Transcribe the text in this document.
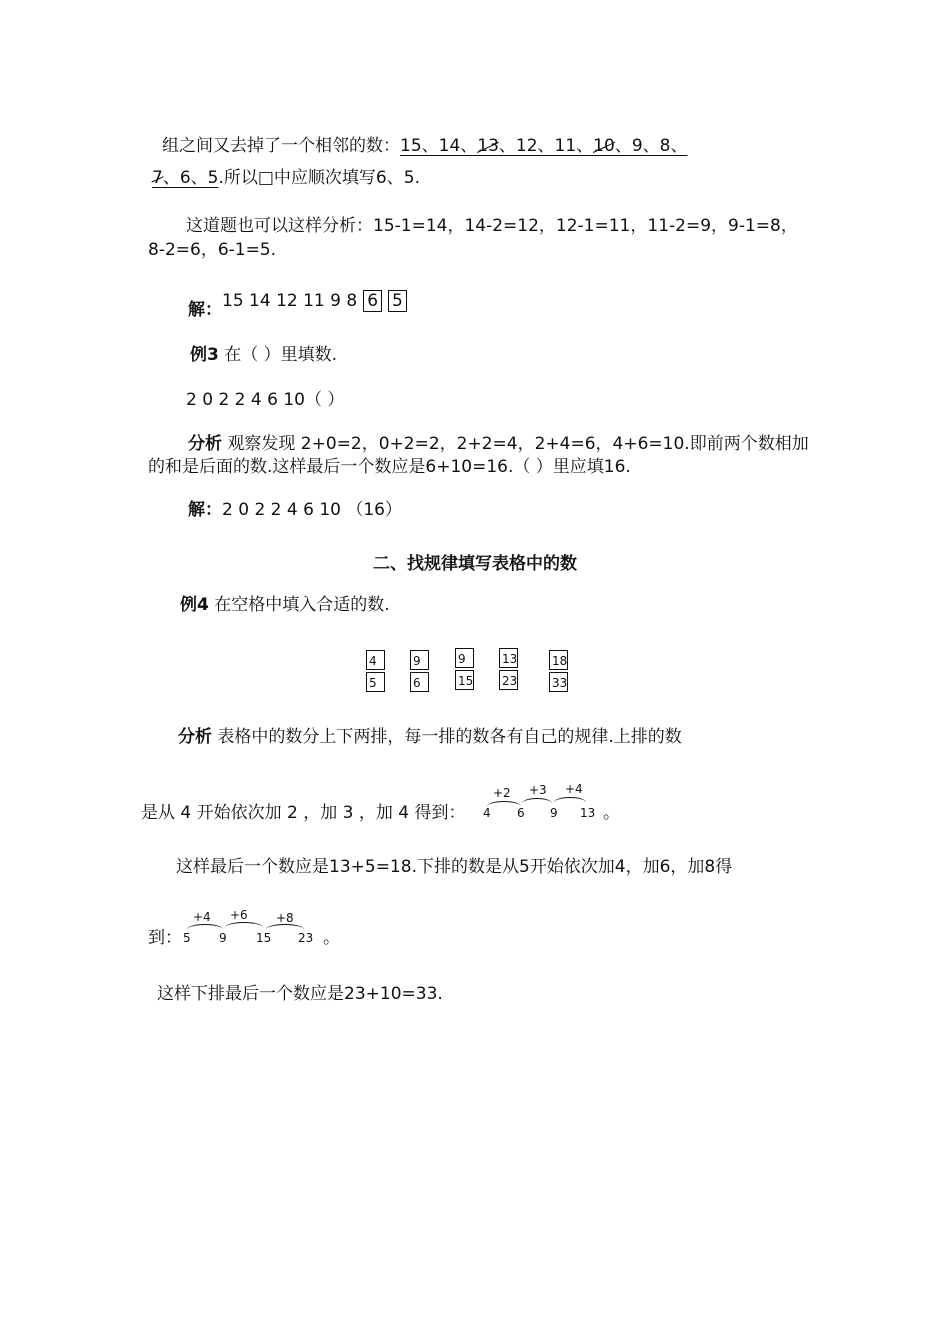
组之间又去掉了一个相邻的数：15、14、13、12、11、10、9、8、
7、6、5.所以□中应顺次填写6、5.
这道题也可以这样分析：15-1=14，14-2=12，12-1=11，11-2=9，9-1=8，
8-2=6，6-1=5.
解：15 14 12 11 9 8 6 5
例3 在（ ）里填数.
2 0 2 2 4 6 10（ ）
分析 观察发现 2+0=2，0+2=2，2+2=4，2+4=6，4+6=10.即前两个数相加
的和是后面的数.这样最后一个数应是6+10=16.（ ）里应填16.
解：2 0 2 2 4 6 10 （16）
二、找规律填写表格中的数
例4 在空格中填入合适的数.
4
5
9
6
9
15
13
23
18
33
分析 表格中的数分上下两排，每一排的数各有自己的规律.上排的数
是从 4 开始依次加 2 ，加 3 ，加 4 得到：
+2 +3 +4
4 6 9 13 。
这样最后一个数应是13+5=18.下排的数是从5开始依次加4，加6，加8得
到：
+4 +6 +8
5 9 15 23 。
这样下排最后一个数应是23+10=33.
